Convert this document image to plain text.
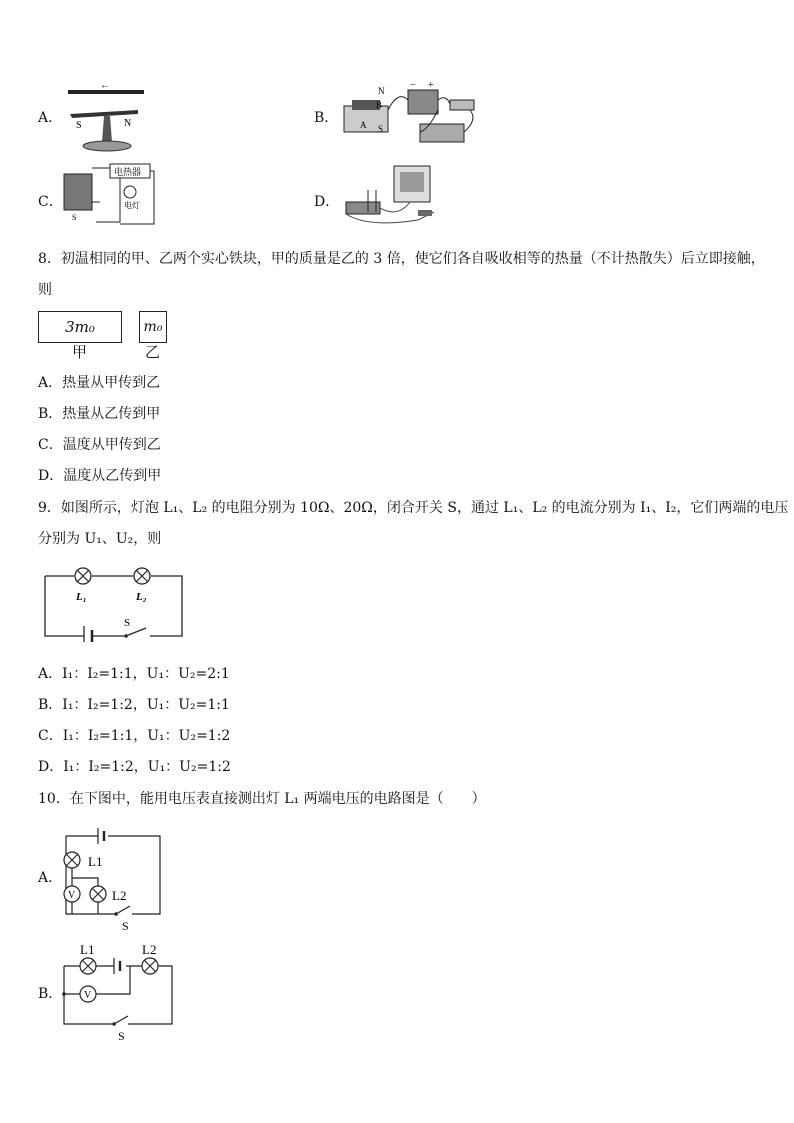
A．
←
S	N	B．
N
B
A S
− +
C．
电热器
电灯
S
D．
8．初温相同的甲、乙两个实心铁块，甲的质量是乙的 3 倍，使它们各自吸收相等的热量（不计热散失）后立即接触，
则
3m₀	m₀
甲	乙
A．热量从甲传到乙
B．热量从乙传到甲
C．温度从甲传到乙
D．温度从乙传到甲
9．如图所示，灯泡 L₁、L₂ 的电阻分别为 10Ω、20Ω，闭合开关 S，通过 L₁、L₂ 的电流分别为 I₁、I₂，它们两端的电压
分别为 U₁、U₂，则
L₁	L₂
S
A．I₁：I₂=1:1，U₁：U₂=2:1
B．I₁：I₂=1:2，U₁：U₂=1:1
C．I₁：I₂=1:1，U₁：U₂=1:2
D．I₁：I₂=1:2，U₁：U₂=1:2
10．在下图中，能用电压表直接测出灯 L₁ 两端电压的电路图是（　　）
A．
L1
V	L2
S
B．
L1	L2
V
S
